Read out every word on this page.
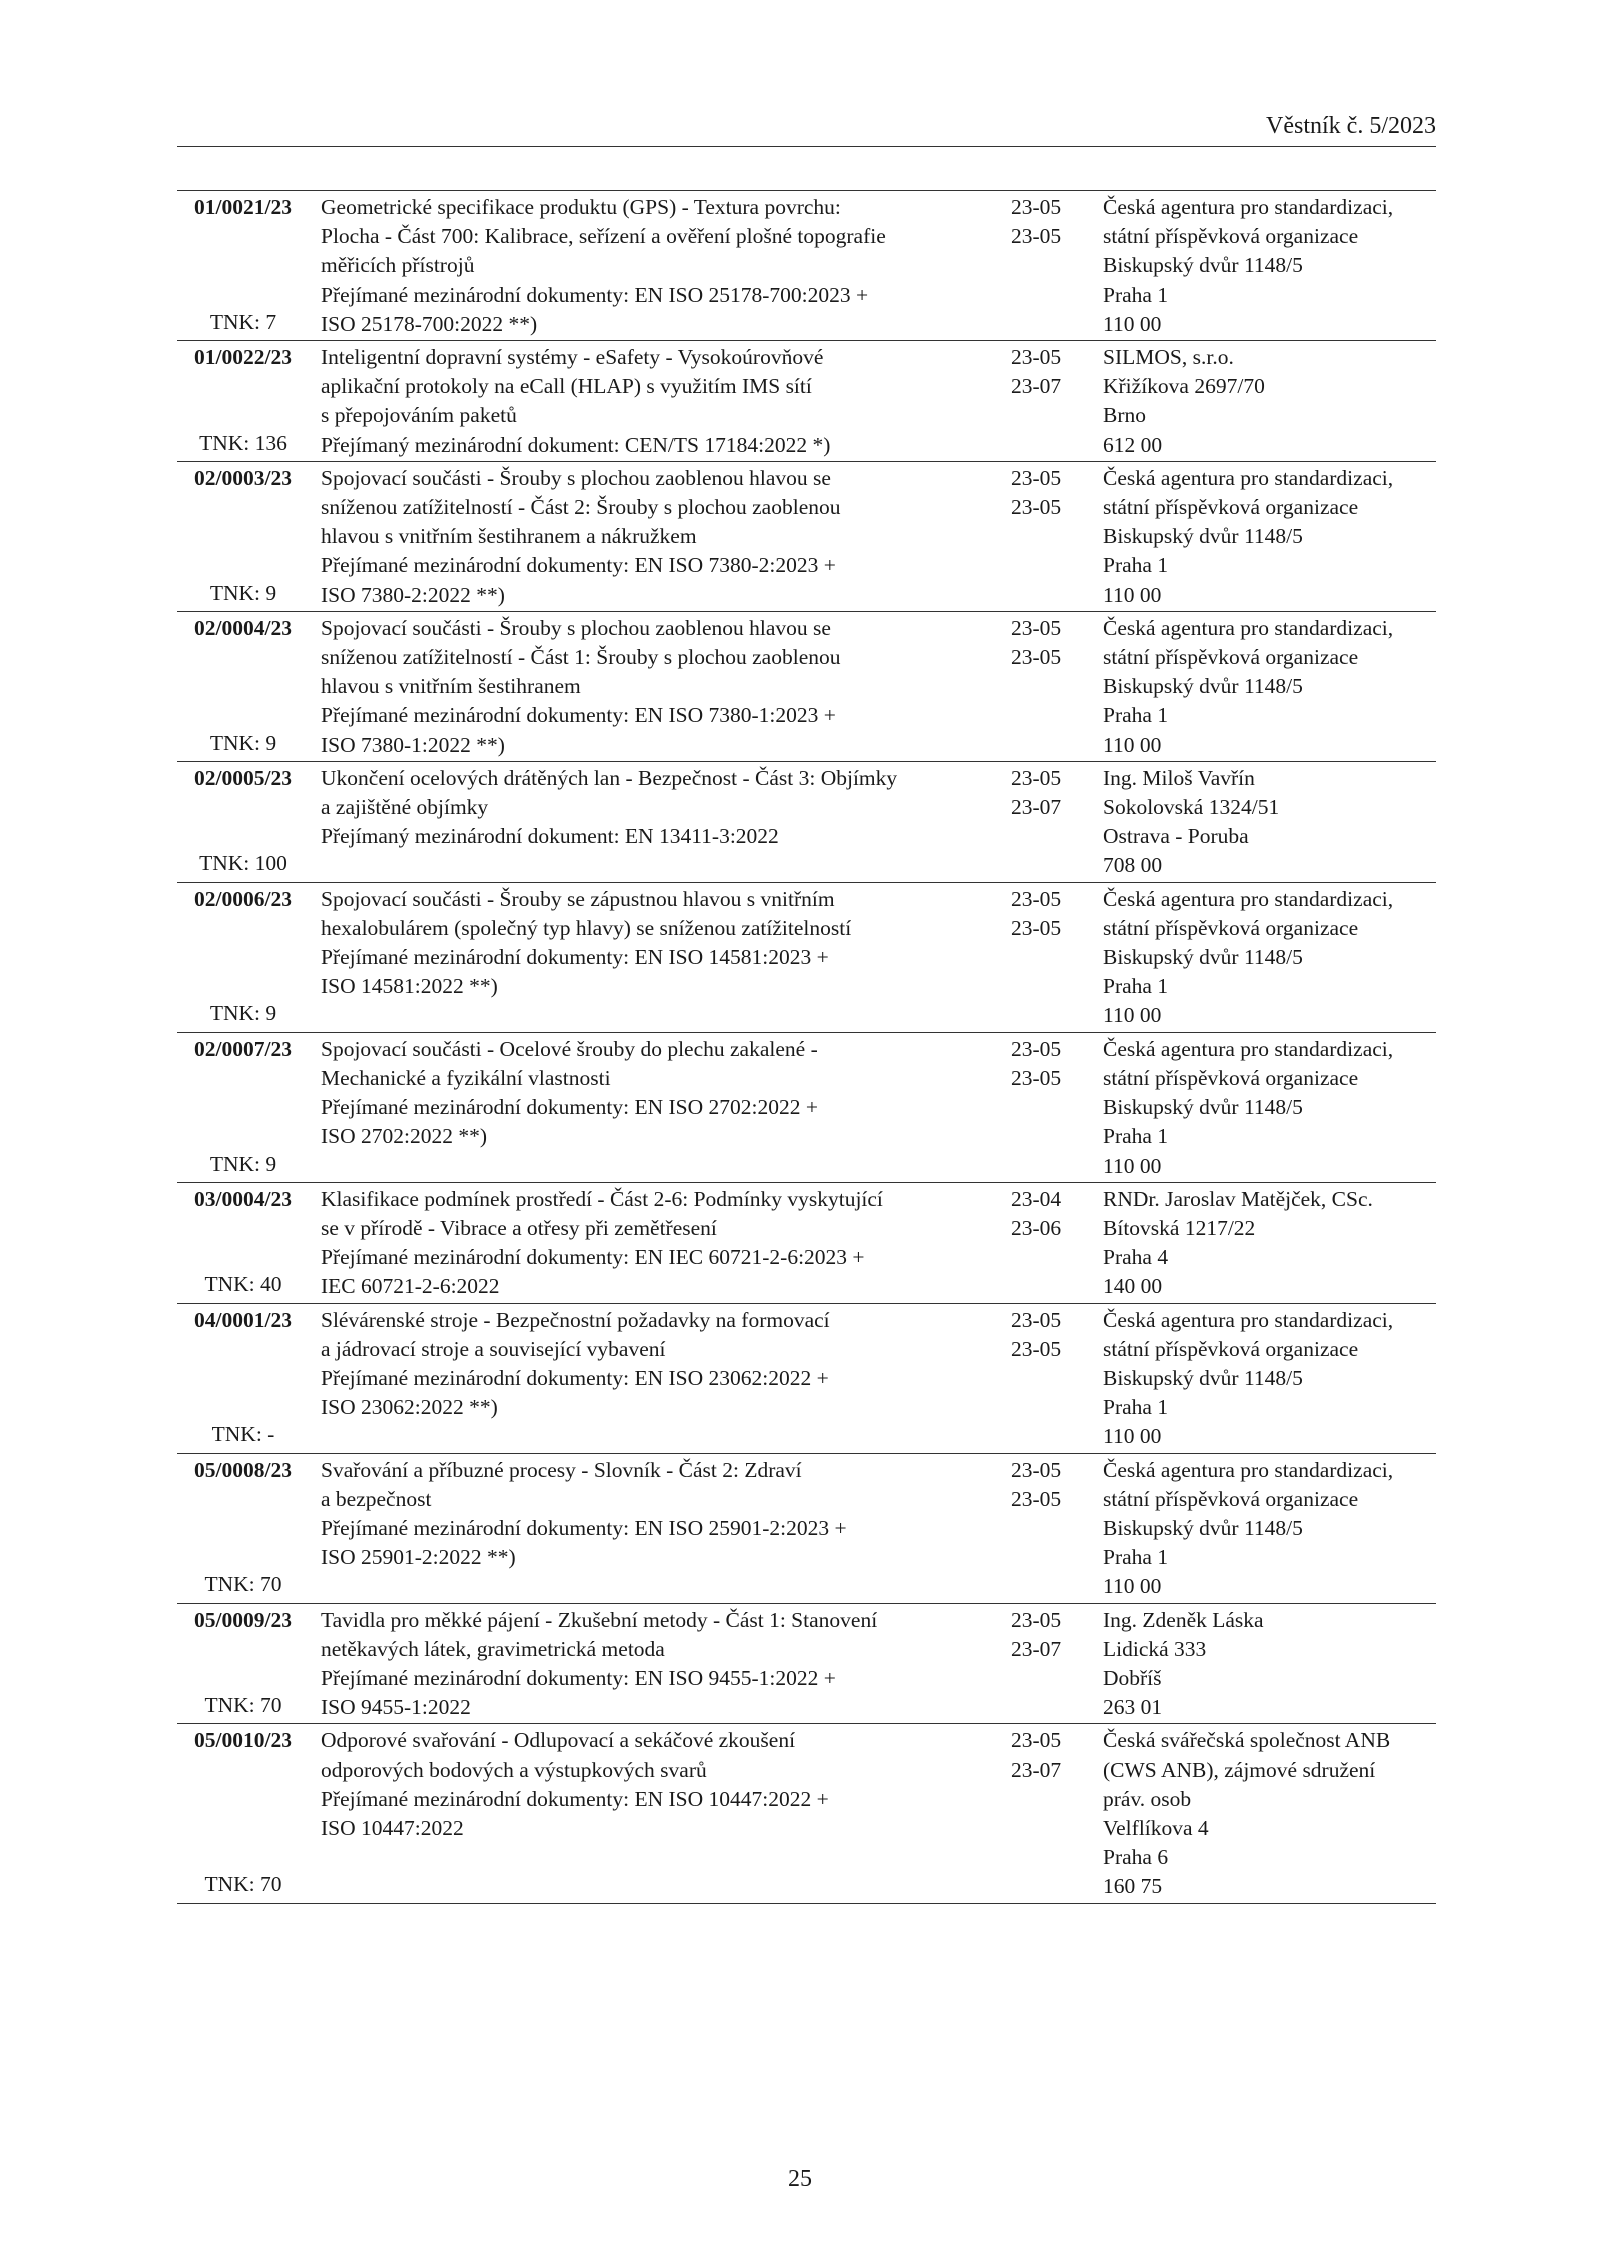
Věstník č. 5/2023
01/0021/23
TNK: 7
Geometrické specifikace produktu (GPS) - Textura povrchu:
Plocha - Část 700: Kalibrace, seřízení a ověření plošné topografie
měřicích přístrojů
Přejímané mezinárodní dokumenty: EN ISO 25178-700:2023 +
ISO 25178-700:2022 **)
23-05
23-05
Česká agentura pro standardizaci,
státní příspěvková organizace
Biskupský dvůr 1148/5
Praha 1
110 00
01/0022/23
TNK: 136
Inteligentní dopravní systémy - eSafety - Vysokoúrovňové
aplikační protokoly na eCall (HLAP) s využitím IMS sítí
s přepojováním paketů
Přejímaný mezinárodní dokument: CEN/TS 17184:2022 *)
23-05
23-07
SILMOS, s.r.o.
Křižíkova 2697/70
Brno
612 00
02/0003/23
TNK: 9
Spojovací součásti - Šrouby s plochou zaoblenou hlavou se
sníženou zatížitelností - Část 2: Šrouby s plochou zaoblenou
hlavou s vnitřním šestihranem a nákružkem
Přejímané mezinárodní dokumenty: EN ISO 7380-2:2023 +
ISO 7380-2:2022 **)
23-05
23-05
Česká agentura pro standardizaci,
státní příspěvková organizace
Biskupský dvůr 1148/5
Praha 1
110 00
02/0004/23
TNK: 9
Spojovací součásti - Šrouby s plochou zaoblenou hlavou se
sníženou zatížitelností - Část 1: Šrouby s plochou zaoblenou
hlavou s vnitřním šestihranem
Přejímané mezinárodní dokumenty: EN ISO 7380-1:2023 +
ISO 7380-1:2022 **)
23-05
23-05
Česká agentura pro standardizaci,
státní příspěvková organizace
Biskupský dvůr 1148/5
Praha 1
110 00
02/0005/23
TNK: 100
Ukončení ocelových drátěných lan - Bezpečnost - Část 3: Objímky
a zajištěné objímky
Přejímaný mezinárodní dokument: EN 13411-3:2022
23-05
23-07
Ing. Miloš Vavřín
Sokolovská 1324/51
Ostrava - Poruba
708 00
02/0006/23
TNK: 9
Spojovací součásti - Šrouby se zápustnou hlavou s vnitřním
hexalobulárem (společný typ hlavy) se sníženou zatížitelností
Přejímané mezinárodní dokumenty: EN ISO 14581:2023 +
ISO 14581:2022 **)
23-05
23-05
Česká agentura pro standardizaci,
státní příspěvková organizace
Biskupský dvůr 1148/5
Praha 1
110 00
02/0007/23
TNK: 9
Spojovací součásti - Ocelové šrouby do plechu zakalené -
Mechanické a fyzikální vlastnosti
Přejímané mezinárodní dokumenty: EN ISO 2702:2022 +
ISO 2702:2022 **)
23-05
23-05
Česká agentura pro standardizaci,
státní příspěvková organizace
Biskupský dvůr 1148/5
Praha 1
110 00
03/0004/23
TNK: 40
Klasifikace podmínek prostředí - Část 2-6: Podmínky vyskytující
se v přírodě - Vibrace a otřesy při zemětřesení
Přejímané mezinárodní dokumenty: EN IEC 60721-2-6:2023 +
IEC 60721-2-6:2022
23-04
23-06
RNDr. Jaroslav Matějček, CSc.
Bítovská 1217/22
Praha 4
140 00
04/0001/23
TNK: -
Slévárenské stroje - Bezpečnostní požadavky na formovací
a jádrovací stroje a související vybavení
Přejímané mezinárodní dokumenty: EN ISO 23062:2022 +
ISO 23062:2022 **)
23-05
23-05
Česká agentura pro standardizaci,
státní příspěvková organizace
Biskupský dvůr 1148/5
Praha 1
110 00
05/0008/23
TNK: 70
Svařování a příbuzné procesy - Slovník - Část 2: Zdraví
a bezpečnost
Přejímané mezinárodní dokumenty: EN ISO 25901-2:2023 +
ISO 25901-2:2022 **)
23-05
23-05
Česká agentura pro standardizaci,
státní příspěvková organizace
Biskupský dvůr 1148/5
Praha 1
110 00
05/0009/23
TNK: 70
Tavidla pro měkké pájení - Zkušební metody - Část 1: Stanovení
netěkavých látek, gravimetrická metoda
Přejímané mezinárodní dokumenty: EN ISO 9455-1:2022 +
ISO 9455-1:2022
23-05
23-07
Ing. Zdeněk Láska
Lidická 333
Dobříš
263 01
05/0010/23
TNK: 70
Odporové svařování - Odlupovací a sekáčové zkoušení
odporových bodových a výstupkových svarů
Přejímané mezinárodní dokumenty: EN ISO 10447:2022 +
ISO 10447:2022
23-05
23-07
Česká svářečská společnost ANB
(CWS ANB), zájmové sdružení
práv. osob
Velflíkova 4
Praha 6
160 75
25
